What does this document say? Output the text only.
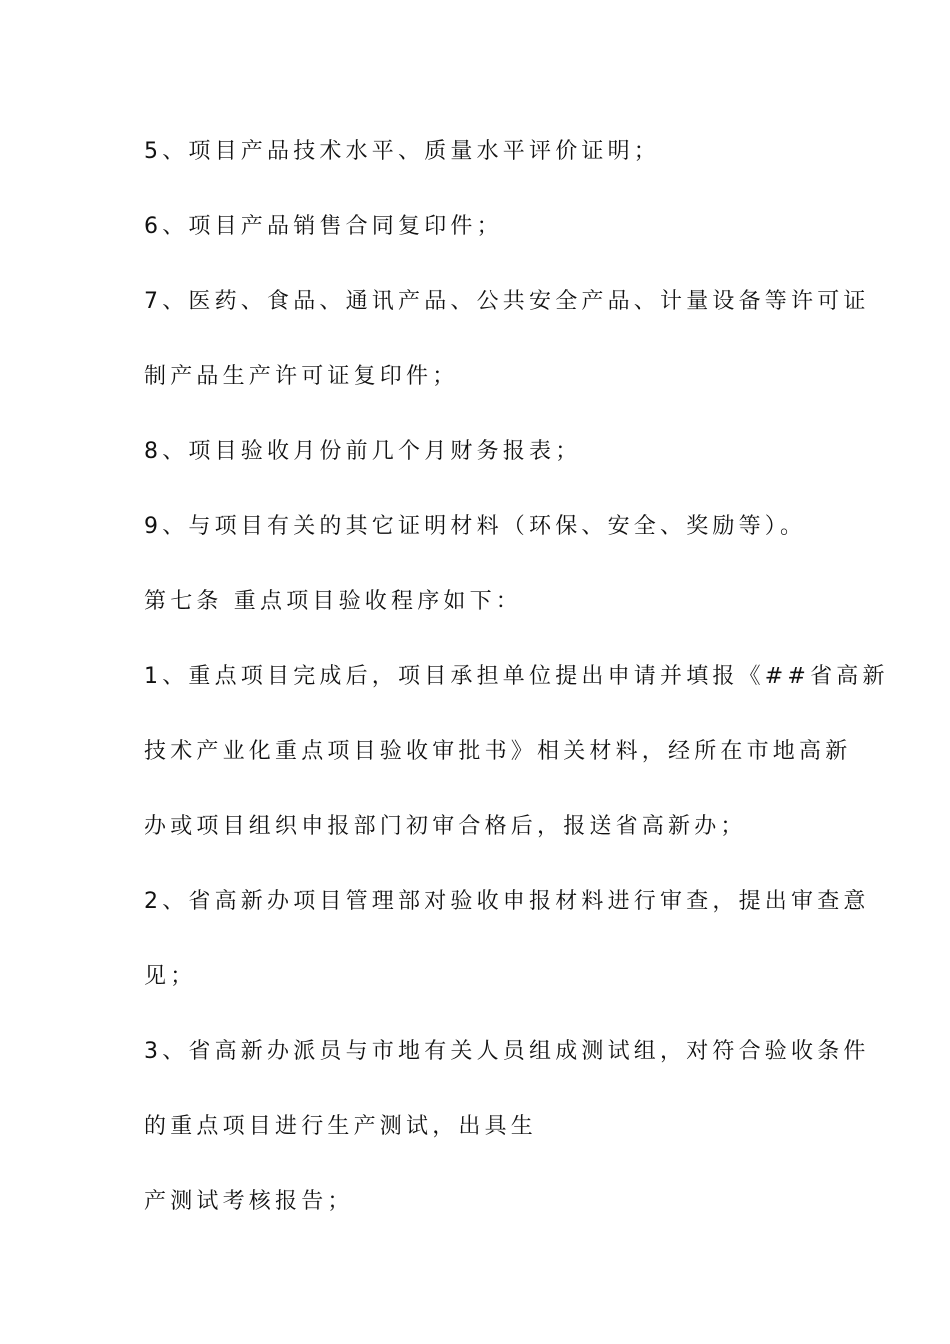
5、项目产品技术水平、质量水平评价证明；
6、项目产品销售合同复印件；
7、医药、食品、通讯产品、公共安全产品、计量设备等许可证
制产品生产许可证复印件；
8、项目验收月份前几个月财务报表；
9、与项目有关的其它证明材料（环保、安全、奖励等）。
第七条 重点项目验收程序如下：
1、重点项目完成后，项目承担单位提出申请并填报《##省高新
技术产业化重点项目验收审批书》相关材料，经所在市地高新
办或项目组织申报部门初审合格后，报送省高新办；
2、省高新办项目管理部对验收申报材料进行审查，提出审查意
见；
3、省高新办派员与市地有关人员组成测试组，对符合验收条件
的重点项目进行生产测试，出具生
产测试考核报告；
